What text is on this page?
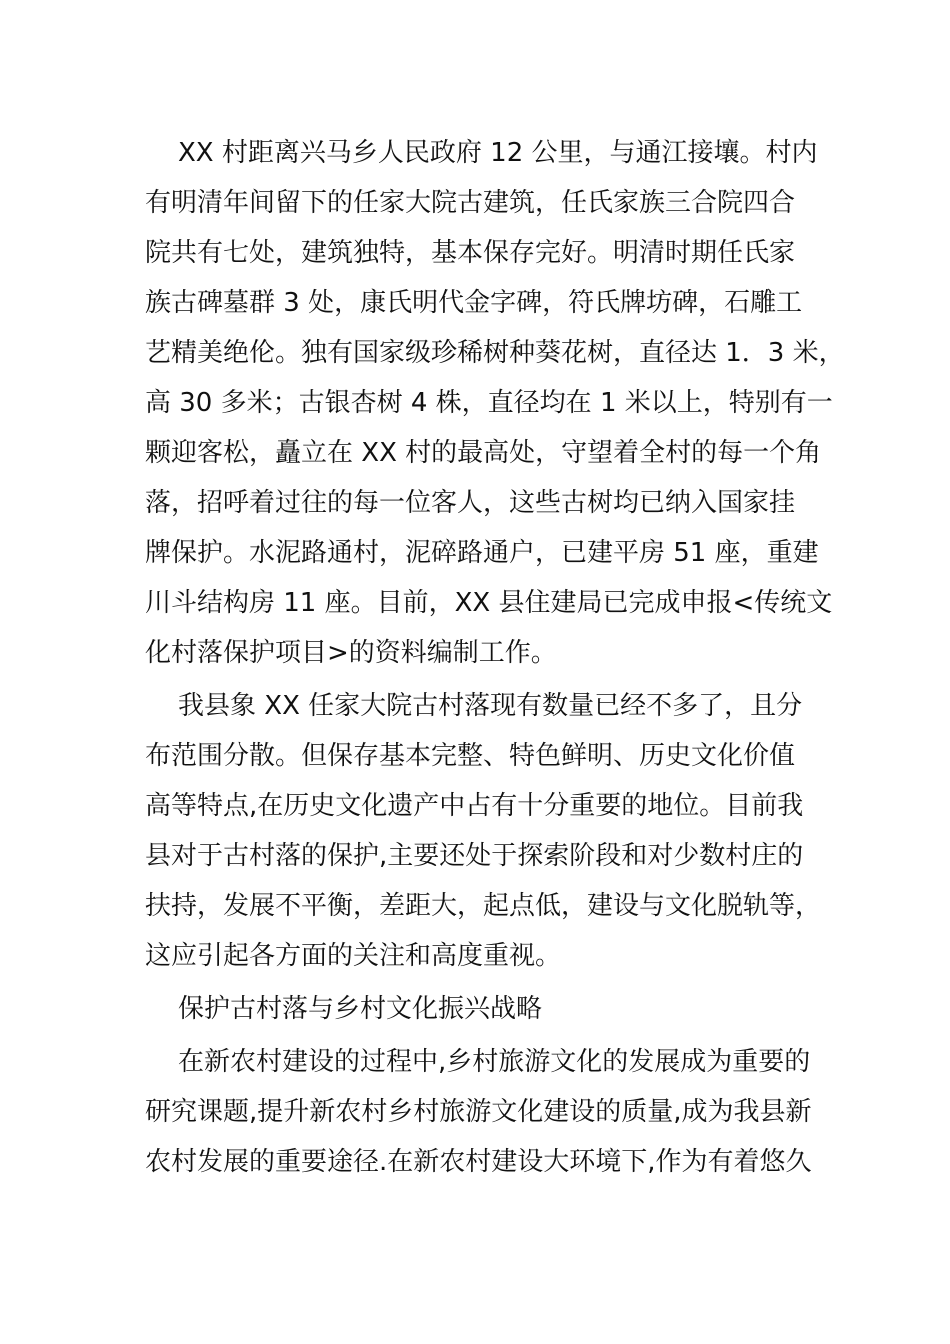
XX 村距离兴马乡人民政府 12 公里，与通江接壤。村内
有明清年间留下的任家大院古建筑，任氏家族三合院四合
院共有七处，建筑独特，基本保存完好。明清时期任氏家
族古碑墓群 3 处，康氏明代金字碑，符氏牌坊碑，石雕工
艺精美绝伦。独有国家级珍稀树种葵花树，直径达 1．3 米，
高 30 多米；古银杏树 4 株，直径均在 1 米以上，特别有一
颗迎客松，矗立在 XX 村的最高处，守望着全村的每一个角
落，招呼着过往的每一位客人，这些古树均已纳入国家挂
牌保护。水泥路通村，泥碎路通户，已建平房 51 座，重建
川斗结构房 11 座。目前，XX 县住建局已完成申报<传统文
化村落保护项目>的资料编制工作。
我县象 XX 任家大院古村落现有数量已经不多了，且分
布范围分散。但保存基本完整、特色鲜明、历史文化价值
高等特点,在历史文化遗产中占有十分重要的地位。目前我
县对于古村落的保护,主要还处于探索阶段和对少数村庄的
扶持，发展不平衡，差距大，起点低，建设与文化脱轨等，
这应引起各方面的关注和高度重视。
保护古村落与乡村文化振兴战略
在新农村建设的过程中,乡村旅游文化的发展成为重要的
研究课题,提升新农村乡村旅游文化建设的质量,成为我县新
农村发展的重要途径.在新农村建设大环境下,作为有着悠久
